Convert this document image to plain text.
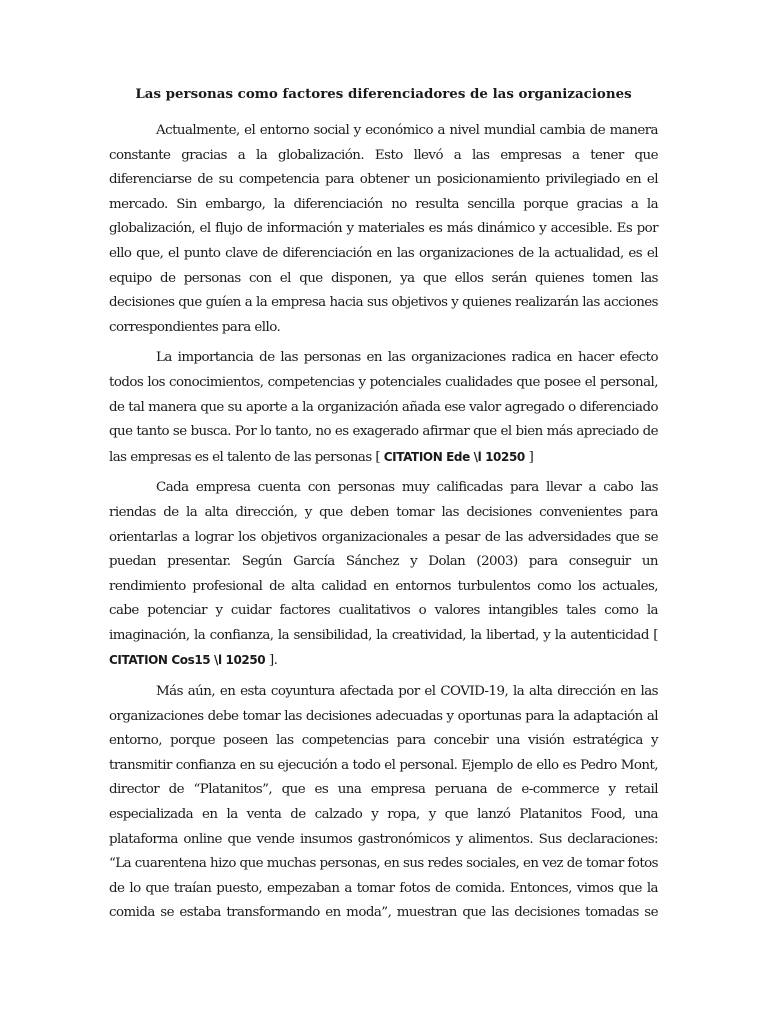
Las personas como factores diferenciadores de las organizaciones

Actualmente, el entorno social y económico a nivel mundial cambia de manera constante gracias a la globalización. Esto llevó a las empresas a tener que diferenciarse de su competencia para obtener un posicionamiento privilegiado en el mercado. Sin embargo, la diferenciación no resulta sencilla porque gracias a la globalización, el flujo de información y materiales es más dinámico y accesible. Es por ello que, el punto clave de diferenciación en las organizaciones de la actualidad, es el equipo de personas con el que disponen, ya que ellos serán quienes tomen las decisiones que guíen a la empresa hacia sus objetivos y quienes realizarán las acciones correspondientes para ello.

La importancia de las personas en las organizaciones radica en hacer efecto todos los conocimientos, competencias y potenciales cualidades que posee el personal, de tal manera que su aporte a la organización añada ese valor agregado o diferenciado que tanto se busca. Por lo tanto, no es exagerado afirmar que el bien más apreciado de las empresas es el talento de las personas [ CITATION Ede \l 10250 ]

Cada empresa cuenta con personas muy calificadas para llevar a cabo las riendas de la alta dirección, y que deben tomar las decisiones convenientes para orientarlas a lograr los objetivos organizacionales a pesar de las adversidades que se puedan presentar. Según García Sánchez y Dolan (2003) para conseguir un rendimiento profesional de alta calidad en entornos turbulentos como los actuales, cabe potenciar y cuidar factores cualitativos o valores intangibles tales como la imaginación, la confianza, la sensibilidad, la creatividad, la libertad, y la autenticidad [ CITATION Cos15 \l 10250 ].

Más aún, en esta coyuntura afectada por el COVID-19, la alta dirección en las organizaciones debe tomar las decisiones adecuadas y oportunas para la adaptación al entorno, porque poseen las competencias para concebir una visión estratégica y transmitir confianza en su ejecución a todo el personal. Ejemplo de ello es Pedro Mont, director de “Platanitos”, que es una empresa peruana de e-commerce y retail especializada en la venta de calzado y ropa, y que lanzó Platanitos Food, una plataforma online que vende insumos gastronómicos y alimentos. Sus declaraciones: “La cuarentena hizo que muchas personas, en sus redes sociales, en vez de tomar fotos de lo que traían puesto, empezaban a tomar fotos de comida. Entonces, vimos que la comida se estaba transformando en moda”, muestran que las decisiones tomadas se
